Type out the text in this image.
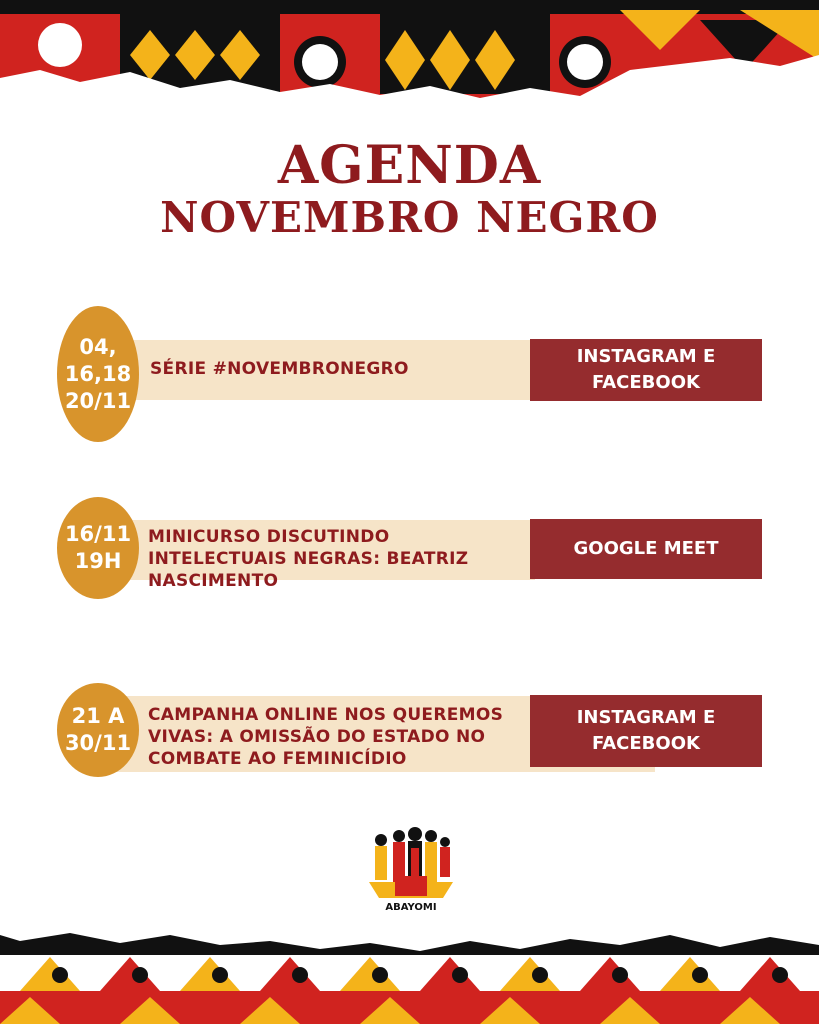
AGENDA
NOVEMBRO NEGRO
SÉRIE #NOVEMBRONEGRO
INSTAGRAM E FACEBOOK
04,
16,18
20/11
MINICURSO DISCUTINDO INTELECTUAIS NEGRAS: BEATRIZ NASCIMENTO
GOOGLE MEET
16/11
19H
CAMPANHA ONLINE NOS QUEREMOS VIVAS: A OMISSÃO DO ESTADO NO COMBATE AO FEMINICÍDIO
INSTAGRAM E FACEBOOK
21 A
30/11
ABAYOMI
